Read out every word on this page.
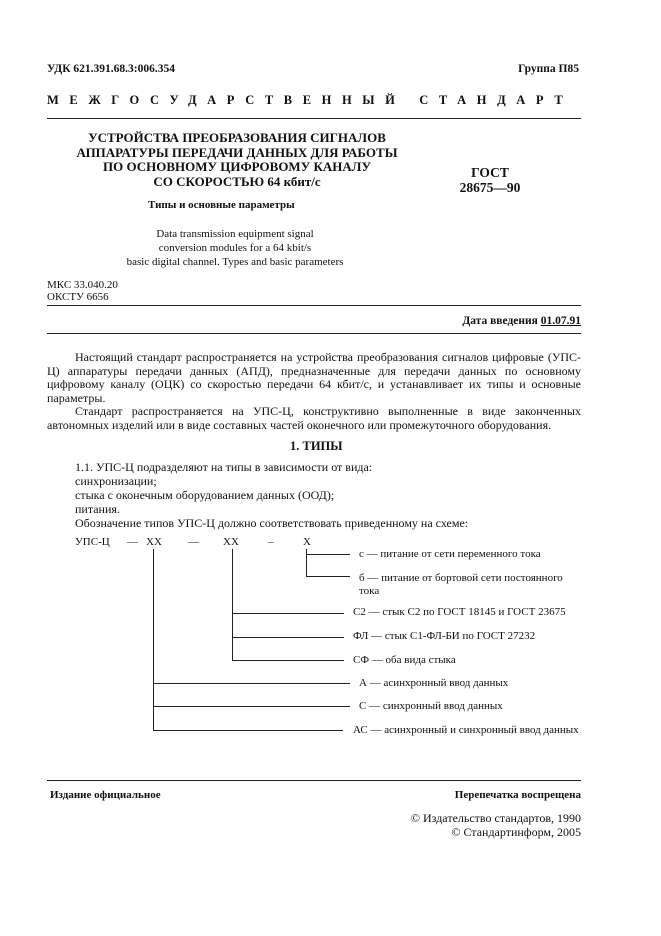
УДК 621.391.68.3:006.354	Группа П85
МЕЖГОСУДАРСТВЕННЫЙ СТАНДАРТ
УСТРОЙСТВА ПРЕОБРАЗОВАНИЯ СИГНАЛОВ
АППАРАТУРЫ ПЕРЕДАЧИ ДАННЫХ ДЛЯ РАБОТЫ
ПО ОСНОВНОМУ ЦИФРОВОМУ КАНАЛУ
СО СКОРОСТЬЮ 64 кбит/с
ГОСТ
28675—90
Типы и основные параметры
Data transmission equipment signal
conversion modules for a 64 kbit/s
basic digital channel. Types and basic parameters
МКС 33.040.20
ОКСТУ 6656
Дата введения 01.07.91
Настоящий стандарт распространяется на устройства преобразования сигналов цифровые (УПС-Ц) аппаратуры передачи данных (АПД), предназначенные для передачи данных по основному цифровому каналу (ОЦК) со скоростью передачи 64 кбит/с, и устанавливает их типы и основные параметры.
Стандарт распространяется на УПС-Ц, конструктивно выполненные в виде законченных автономных изделий или в виде составных частей оконечного или промежуточного оборудования.
1. ТИПЫ
1.1. УПС-Ц подразделяют на типы в зависимости от вида:
синхронизации;
стыка с оконечным оборудованием данных (ООД);
питания.
Обозначение типов УПС-Ц должно соответствовать приведенному на схеме:
УПС-Ц — XX — XX	–	X
с — питание от сети переменного тока
б — питание от бортовой сети постоянного тока
С2 — стык С2 по ГОСТ 18145 и ГОСТ 23675
ФЛ — стык С1-ФЛ-БИ по ГОСТ 27232
СФ — оба вида стыка
А — асинхронный ввод данных
С — синхронный ввод данных
АС — асинхронный и синхронный ввод данных
Издание официальное	Перепечатка воспрещена
© Издательство стандартов, 1990
© Стандартинформ, 2005
